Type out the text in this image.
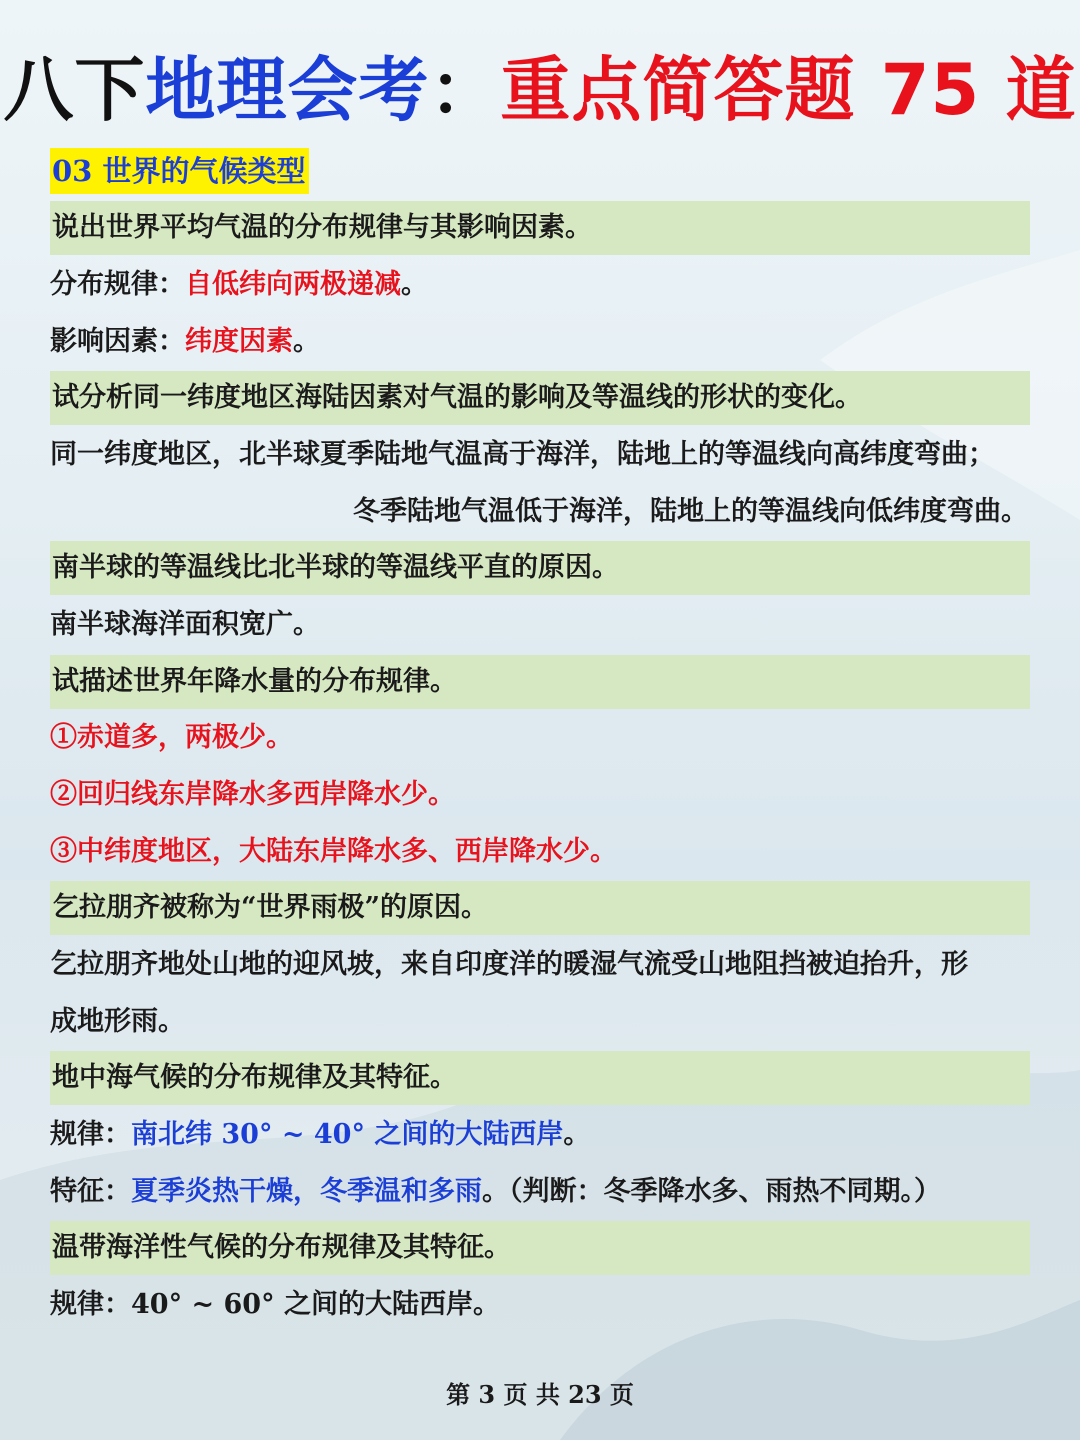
八下地理会考：重点简答题 75 道
03 世界的气候类型
说出世界平均气温的分布规律与其影响因素。
分布规律：自低纬向两极递减。
影响因素：纬度因素。
试分析同一纬度地区海陆因素对气温的影响及等温线的形状的变化。
同一纬度地区，北半球夏季陆地气温高于海洋，陆地上的等温线向高纬度弯曲；
冬季陆地气温低于海洋，陆地上的等温线向低纬度弯曲。
南半球的等温线比北半球的等温线平直的原因。
南半球海洋面积宽广。
试描述世界年降水量的分布规律。
①赤道多，两极少。
②回归线东岸降水多西岸降水少。
③中纬度地区，大陆东岸降水多、西岸降水少。
乞拉朋齐被称为“世界雨极”的原因。
乞拉朋齐地处山地的迎风坡，来自印度洋的暖湿气流受山地阻挡被迫抬升，形
成地形雨。
地中海气候的分布规律及其特征。
规律：南北纬 30° ~ 40° 之间的大陆西岸。
特征：夏季炎热干燥，冬季温和多雨。（判断：冬季降水多、雨热不同期。）
温带海洋性气候的分布规律及其特征。
规律：40° ~ 60° 之间的大陆西岸。
第 3 页 共 23 页
